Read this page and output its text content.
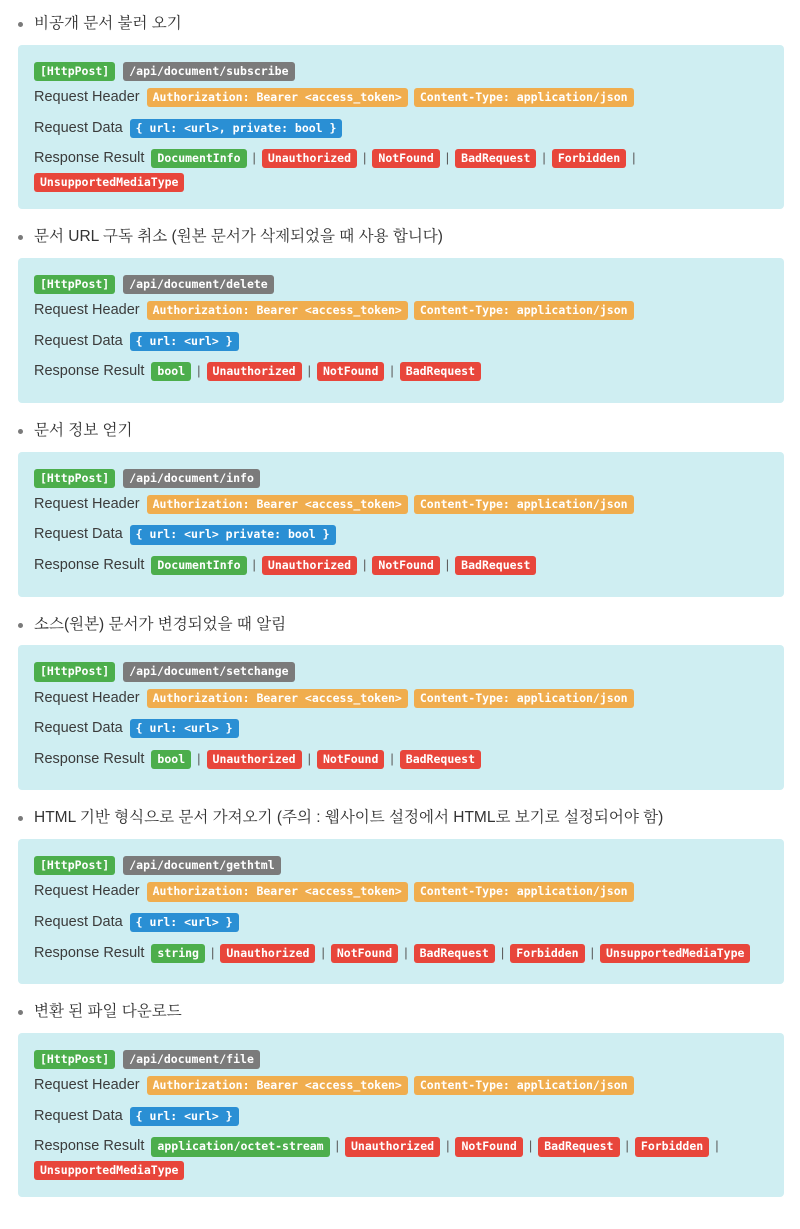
비공개 문서 불러 오기
[HttpPost]	/api/document/subscribe
Request Header	Authorization: Bearer <access_token>	Content-Type: application/json
Request Data	{ url: <url>, private: bool }
Response Result	DocumentInfo |	Unauthorized |	NotFound |	BadRequest |	Forbidden |
UnsupportedMediaType
문서 URL 구독 취소 (원본 문서가 삭제되었을 때 사용 합니다)
[HttpPost]	/api/document/delete
Request Header	Authorization: Bearer <access_token>	Content-Type: application/json
Request Data	{ url: <url> }
Response Result	bool |	Unauthorized |	NotFound |	BadRequest
문서 정보 얻기
[HttpPost]	/api/document/info
Request Header	Authorization: Bearer <access_token>	Content-Type: application/json
Request Data	{ url: <url> private: bool }
Response Result	DocumentInfo |	Unauthorized |	NotFound |	BadRequest
소스(원본) 문서가 변경되었을 때 알림
[HttpPost]	/api/document/setchange
Request Header	Authorization: Bearer <access_token>	Content-Type: application/json
Request Data	{ url: <url> }
Response Result	bool |	Unauthorized |	NotFound |	BadRequest
HTML 기반 형식으로 문서 가져오기 (주의 : 웹사이트 설정에서 HTML로 보기로 설정되어야 함)
[HttpPost]	/api/document/gethtml
Request Header	Authorization: Bearer <access_token>	Content-Type: application/json
Request Data	{ url: <url> }
Response Result	string |	Unauthorized |	NotFound |	BadRequest |	Forbidden |	UnsupportedMediaType
변환 된 파일 다운로드
[HttpPost]	/api/document/file
Request Header	Authorization: Bearer <access_token>	Content-Type: application/json
Request Data	{ url: <url> }
Response Result	application/octet-stream |	Unauthorized |	NotFound |	BadRequest |	Forbidden |
UnsupportedMediaType
